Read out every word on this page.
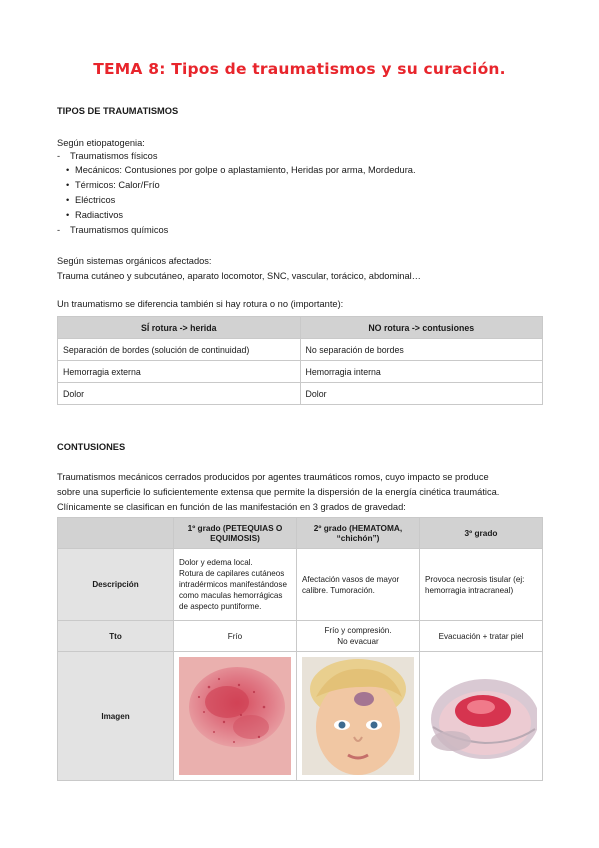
TEMA 8: Tipos de traumatismos y su curación.
TIPOS DE TRAUMATISMOS
Según etiopatogenia:
- Traumatismos físicos
• Mecánicos: Contusiones por golpe o aplastamiento, Heridas por arma, Mordedura.
• Térmicos: Calor/Frío
• Eléctricos
• Radiactivos
- Traumatismos químicos
Según sistemas orgánicos afectados:
Trauma cutáneo y subcutáneo, aparato locomotor, SNC, vascular, torácico, abdominal…
Un traumatismo se diferencia también si hay rotura o no (importante):
SÍ rotura -> herida	NO rotura -> contusiones
Separación de bordes (solución de continuidad)	No separación de bordes
Hemorragia externa	Hemorragia interna
Dolor	Dolor
CONTUSIONES
Traumatismos mecánicos cerrados producidos por agentes traumáticos romos, cuyo impacto se produce
sobre una superficie lo suficientemente extensa que permite la dispersión de la energía cinética traumática.
Clínicamente se clasifican en función de las manifestación en 3 grados de gravedad:
	1º grado (PETEQUIAS O EQUIMOSIS)	2º grado (HEMATOMA, “chichón”)	3º grado
Descripción	Dolor y edema local.
Rotura de capilares cutáneos intradérmicos manifestándose como maculas hemorrágicas de aspecto puntiforme.	Afectación vasos de mayor calibre. Tumoración.	Provoca necrosis tisular (ej: hemorragia intracraneal)
Tto	Frío	Frío y compresión.
No evacuar	Evacuación + tratar piel
Imagen	
